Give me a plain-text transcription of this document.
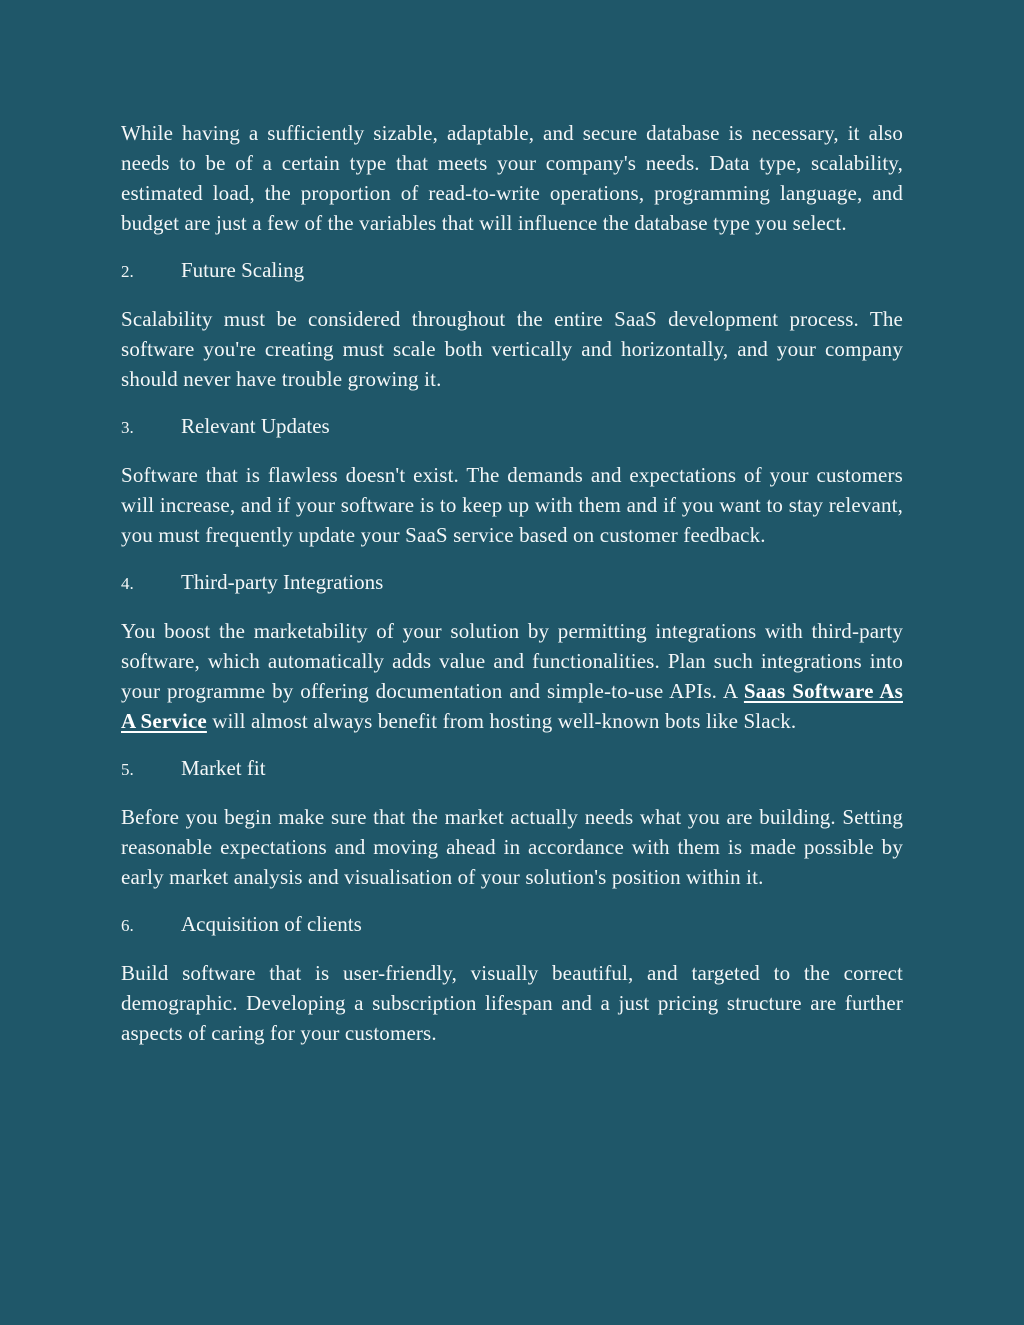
While having a sufficiently sizable, adaptable, and secure database is necessary, it also needs to be of a certain type that meets your company's needs. Data type, scalability, estimated load, the proportion of read-to-write operations, programming language, and budget are just a few of the variables that will influence the database type you select.

2.	Future Scaling

Scalability must be considered throughout the entire SaaS development process. The software you're creating must scale both vertically and horizontally, and your company should never have trouble growing it.

3.	Relevant Updates

Software that is flawless doesn't exist. The demands and expectations of your customers will increase, and if your software is to keep up with them and if you want to stay relevant, you must frequently update your SaaS service based on customer feedback.

4.	Third-party Integrations

You boost the marketability of your solution by permitting integrations with third-party software, which automatically adds value and functionalities. Plan such integrations into your programme by offering documentation and simple-to-use APIs. A Saas Software As A Service will almost always benefit from hosting well-known bots like Slack.

5.	Market fit

Before you begin make sure that the market actually needs what you are building. Setting reasonable expectations and moving ahead in accordance with them is made possible by early market analysis and visualisation of your solution's position within it.

6.	Acquisition of clients

Build software that is user-friendly, visually beautiful, and targeted to the correct demographic. Developing a subscription lifespan and a just pricing structure are further aspects of caring for your customers.
